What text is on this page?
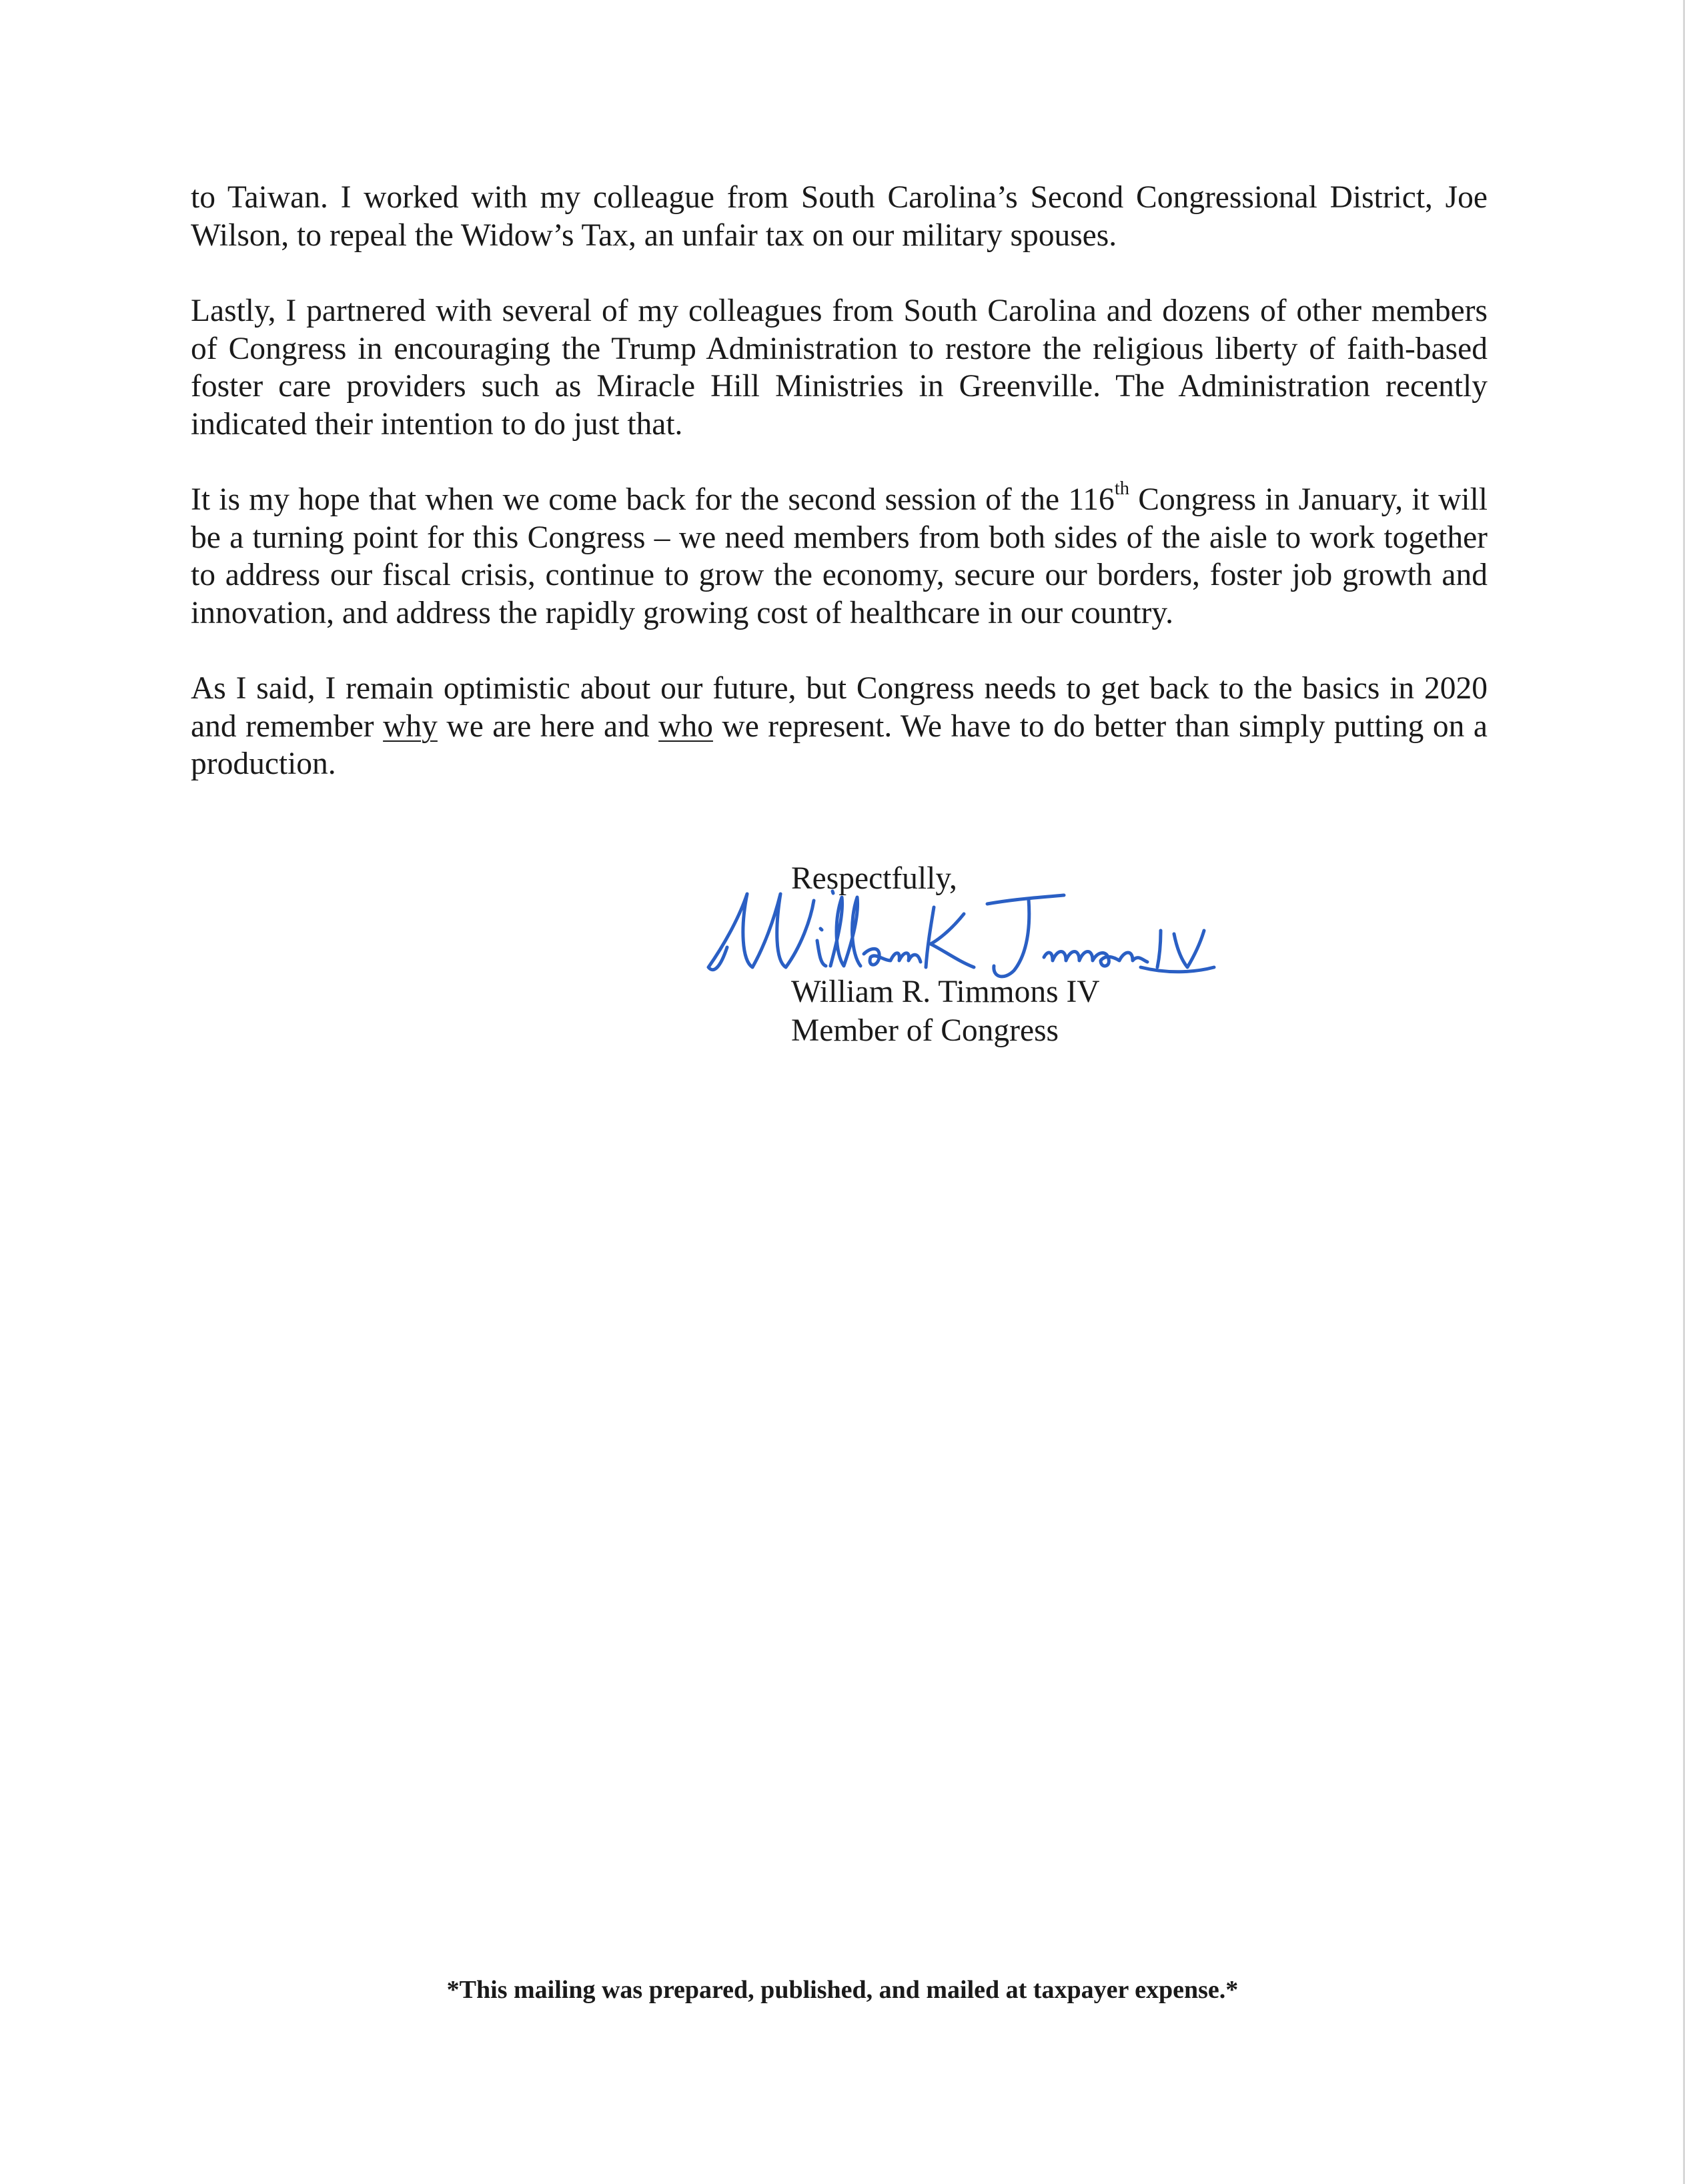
to Taiwan. I worked with my colleague from South Carolina’s Second Congressional District, Joe Wilson, to repeal the Widow’s Tax, an unfair tax on our military spouses.

Lastly, I partnered with several of my colleagues from South Carolina and dozens of other members of Congress in encouraging the Trump Administration to restore the religious liberty of faith-based foster care providers such as Miracle Hill Ministries in Greenville. The Administration recently indicated their intention to do just that.

It is my hope that when we come back for the second session of the 116th Congress in January, it will be a turning point for this Congress – we need members from both sides of the aisle to work together to address our fiscal crisis, continue to grow the economy, secure our borders, foster job growth and innovation, and address the rapidly growing cost of healthcare in our country.

As I said, I remain optimistic about our future, but Congress needs to get back to the basics in 2020 and remember why we are here and who we represent. We have to do better than simply putting on a production.

Respectfully,
William R. Timmons IV
Member of Congress
*This mailing was prepared, published, and mailed at taxpayer expense.*
